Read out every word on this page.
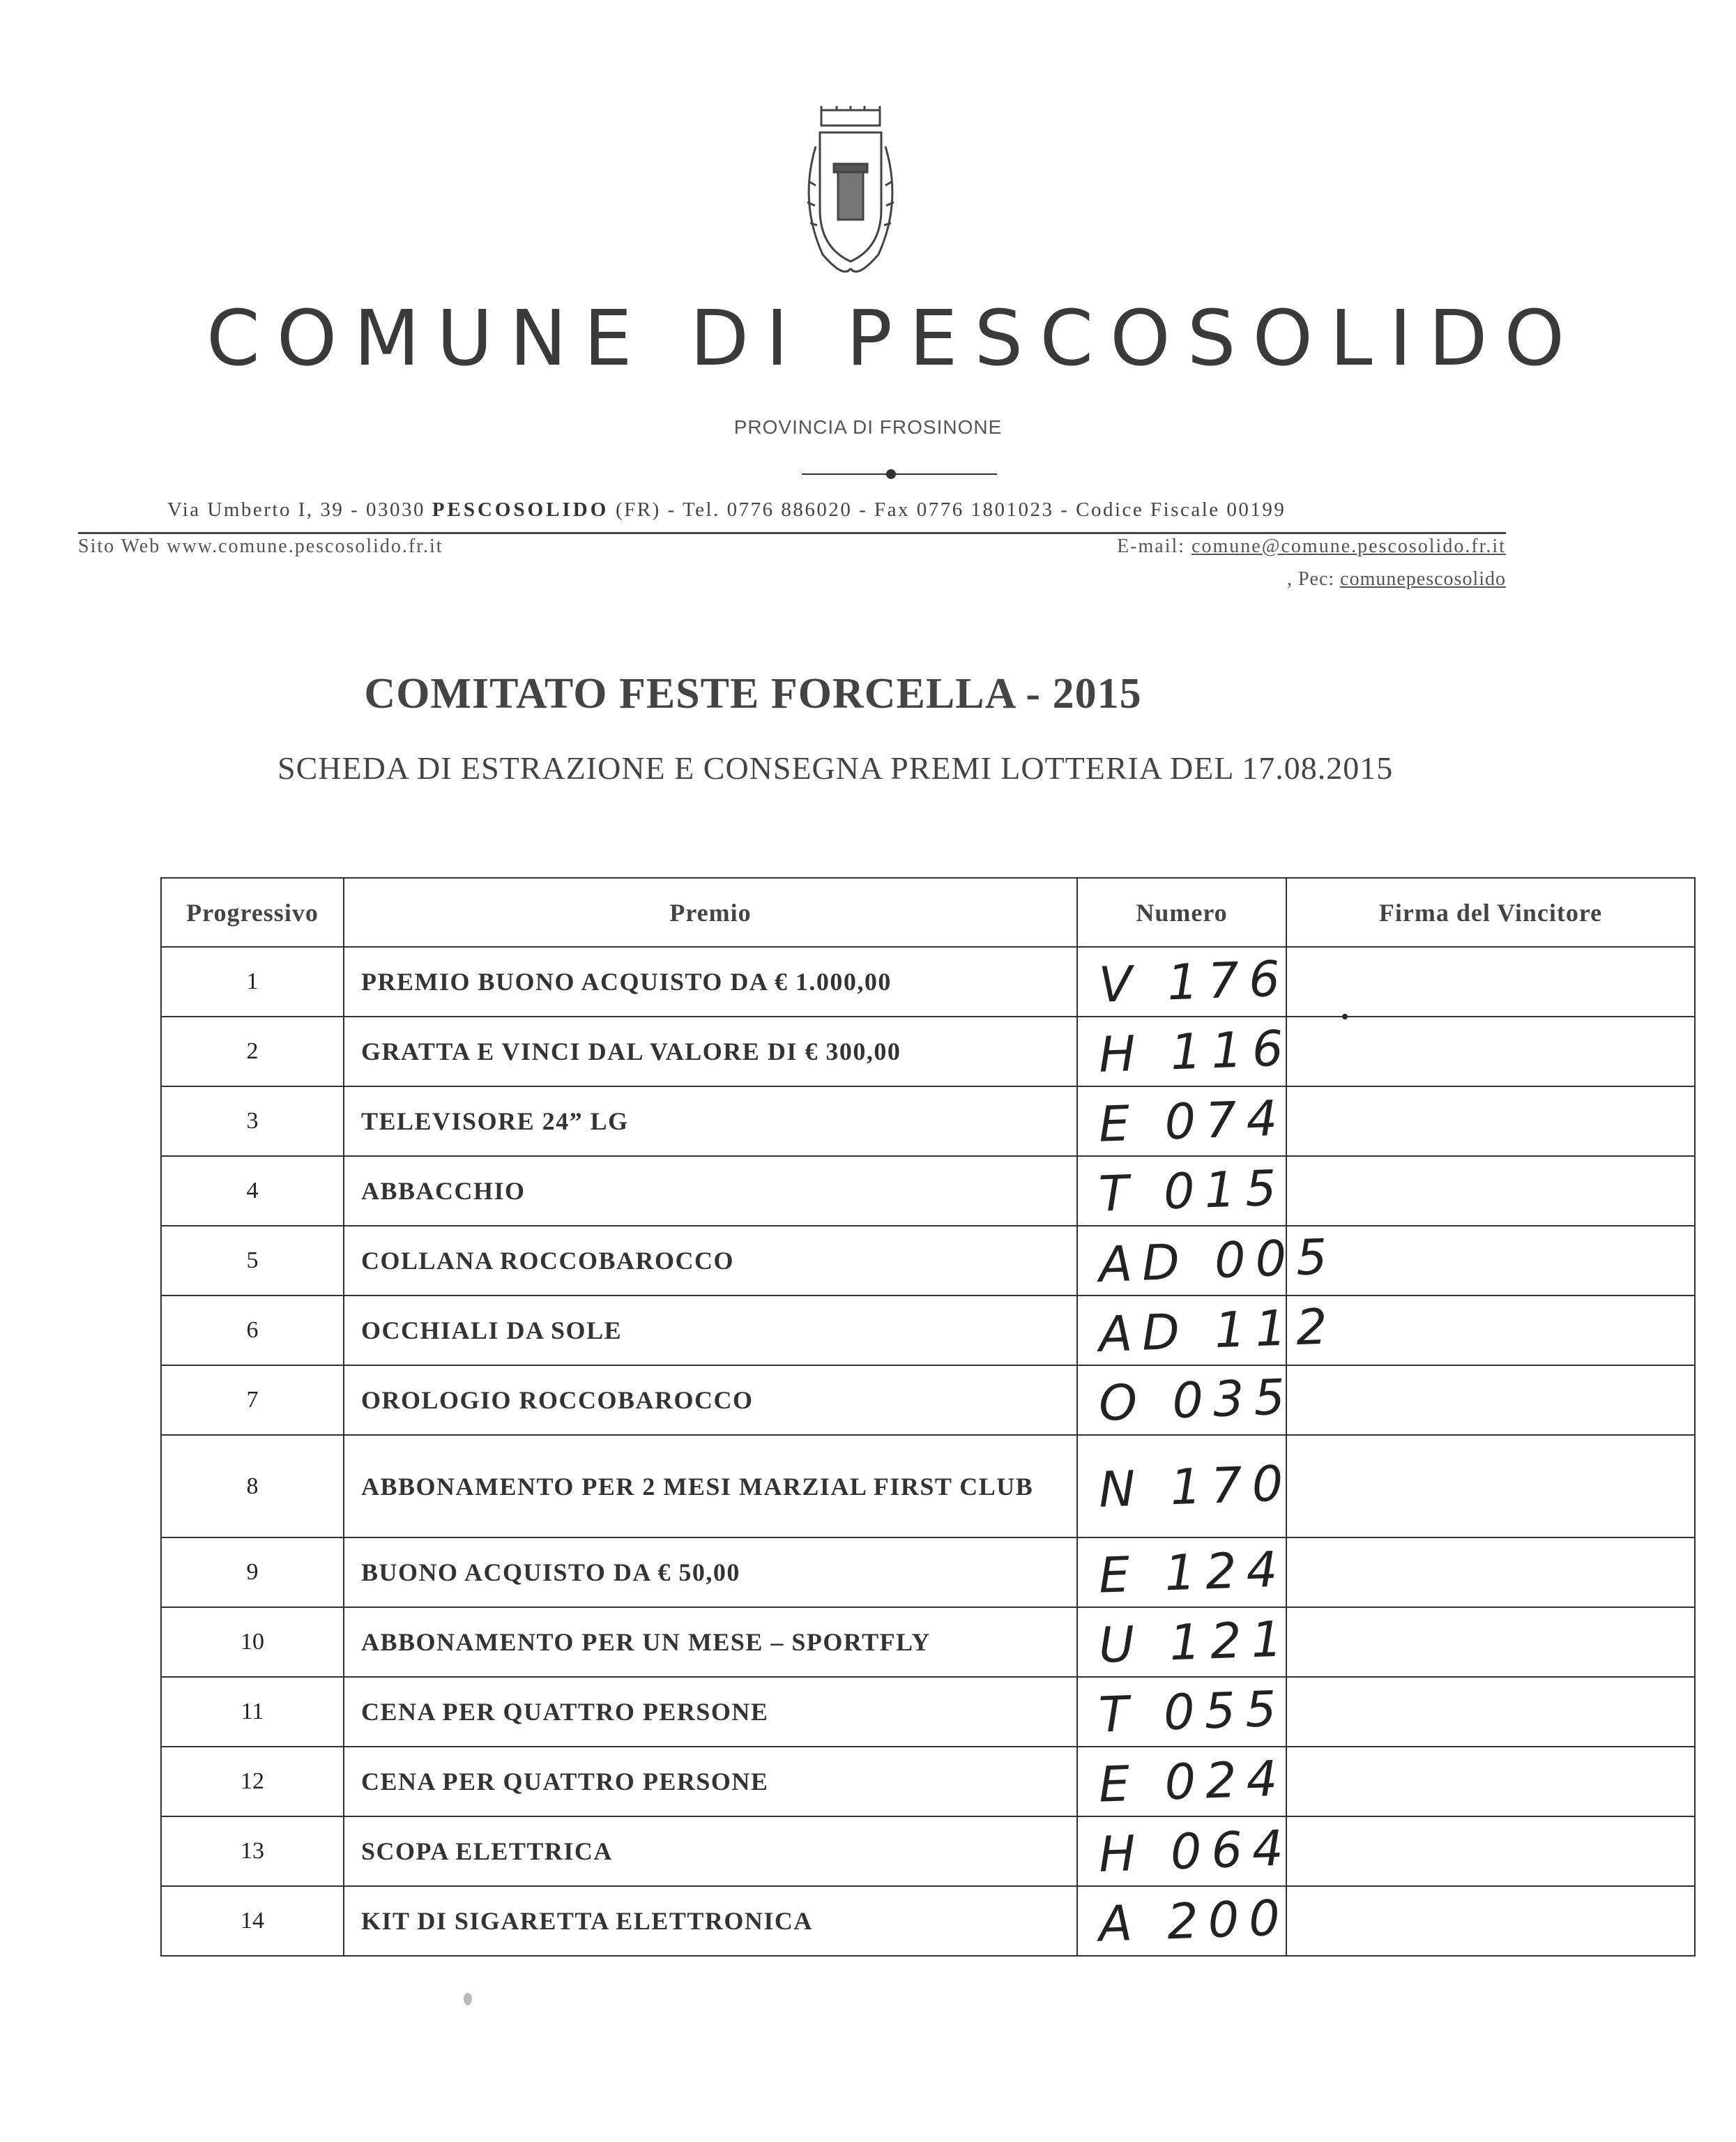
COMUNE DI PESCOSOLIDO
PROVINCIA DI FROSINONE
Via Umberto I, 39 - 03030 PESCOSOLIDO (FR) - Tel. 0776 886020 - Fax 0776 1801023 - Codice Fiscale 00199
Sito Web www.comune.pescosolido.fr.it	E-mail: comune@comune.pescosolido.fr.it
, Pec: comunepescosolido
COMITATO FESTE FORCELLA - 2015
SCHEDA DI ESTRAZIONE E CONSEGNA PREMI LOTTERIA DEL 17.08.2015
Progressivo	Premio	Numero	Firma del Vincitore
1	PREMIO BUONO ACQUISTO DA € 1.000,00	V 176	
2	GRATTA E VINCI DAL VALORE DI € 300,00	H 116	
3	TELEVISORE 24” LG	E 074	
4	ABBACCHIO	T 015	
5	COLLANA ROCCOBAROCCO	AD 005	
6	OCCHIALI DA SOLE	AD 112	
7	OROLOGIO ROCCOBAROCCO	O 035	
8	ABBONAMENTO PER 2 MESI MARZIAL FIRST CLUB	N 170	
9	BUONO ACQUISTO DA € 50,00	E 124	
10	ABBONAMENTO PER UN MESE – SPORTFLY	U 121	
11	CENA PER QUATTRO PERSONE	T 055	
12	CENA PER QUATTRO PERSONE	E 024	
13	SCOPA ELETTRICA	H 064	
14	KIT DI SIGARETTA ELETTRONICA	A 200	
